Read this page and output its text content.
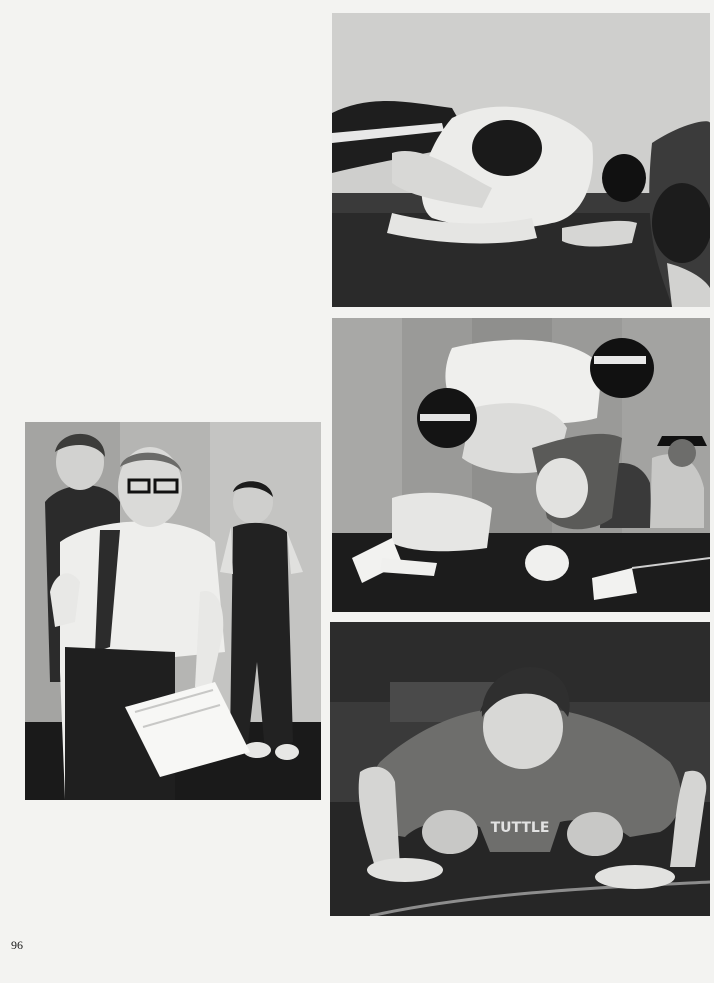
TUTTLE
96
